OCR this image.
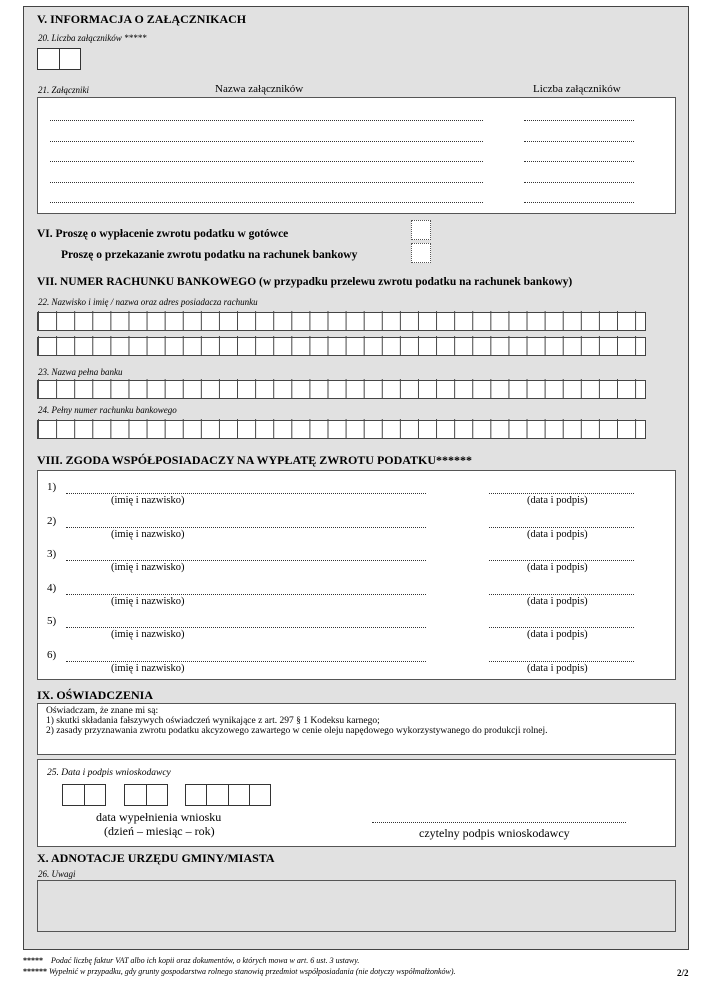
V. INFORMACJA O ZAŁĄCZNIKACH
20. Liczba załączników *****
21. Załączniki	Nazwa załączników	Liczba załączników
VI. Proszę o wypłacenie zwrotu podatku w gotówce
Proszę o przekazanie zwrotu podatku na rachunek bankowy
VII. NUMER RACHUNKU BANKOWEGO (w przypadku przelewu zwrotu podatku na rachunek bankowy)
22. Nazwisko i imię / nazwa oraz adres posiadacza rachunku
23. Nazwa pełna banku
24. Pełny numer rachunku bankowego
VIII. ZGODA WSPÓŁPOSIADACZY NA WYPŁATĘ ZWROTU PODATKU******
1)
(imię i nazwisko)	(data i podpis)
2)
(imię i nazwisko)	(data i podpis)
3)
(imię i nazwisko)	(data i podpis)
4)
(imię i nazwisko)	(data i podpis)
5)
(imię i nazwisko)	(data i podpis)
6)
(imię i nazwisko)	(data i podpis)
IX. OŚWIADCZENIA
Oświadczam, że znane mi są:
1) skutki składania fałszywych oświadczeń wynikające z art. 297 § 1 Kodeksu karnego;
2) zasady przyznawania zwrotu podatku akcyzowego zawartego w cenie oleju napędowego wykorzystywanego do produkcji rolnej.
25. Data i podpis wnioskodawcy
data wypełnienia wniosku
(dzień – miesiąc – rok)	czytelny podpis wnioskodawcy
X. ADNOTACJE URZĘDU GMINY/MIASTA
26. Uwagi
***** Podać liczbę faktur VAT albo ich kopii oraz dokumentów, o których mowa w art. 6 ust. 3 ustawy.
****** Wypełnić w przypadku, gdy grunty gospodarstwa rolnego stanowią przedmiot współposiadania (nie dotyczy współmałżonków).	2/2
